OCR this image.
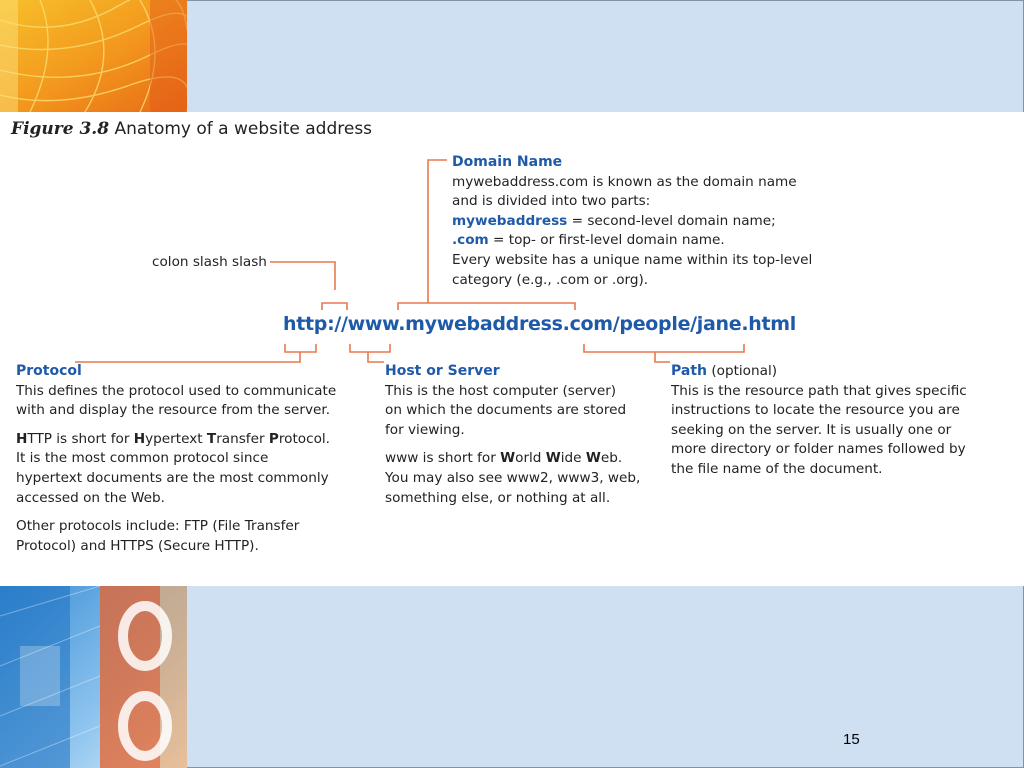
Figure 3.8 Anatomy of a website address
http://www.mywebaddress.com/people/jane.html
colon slash slash
Domain Name
mywebaddress.com is known as the domain name
and is divided into two parts:
mywebaddress = second-level domain name;
.com = top- or first-level domain name.
Every website has a unique name within its top-level
category (e.g., .com or .org).
Protocol
This defines the protocol used to communicate
with and display the resource from the server.
HTTP is short for Hypertext Transfer Protocol.
It is the most common protocol since
hypertext documents are the most commonly
accessed on the Web.
Other protocols include: FTP (File Transfer
Protocol) and HTTPS (Secure HTTP).
Host or Server
This is the host computer (server)
on which the documents are stored
for viewing.
www is short for World Wide Web.
You may also see www2, www3, web,
something else, or nothing at all.
Path (optional)
This is the resource path that gives specific
instructions to locate the resource you are
seeking on the server. It is usually one or
more directory or folder names followed by
the file name of the document.
15
